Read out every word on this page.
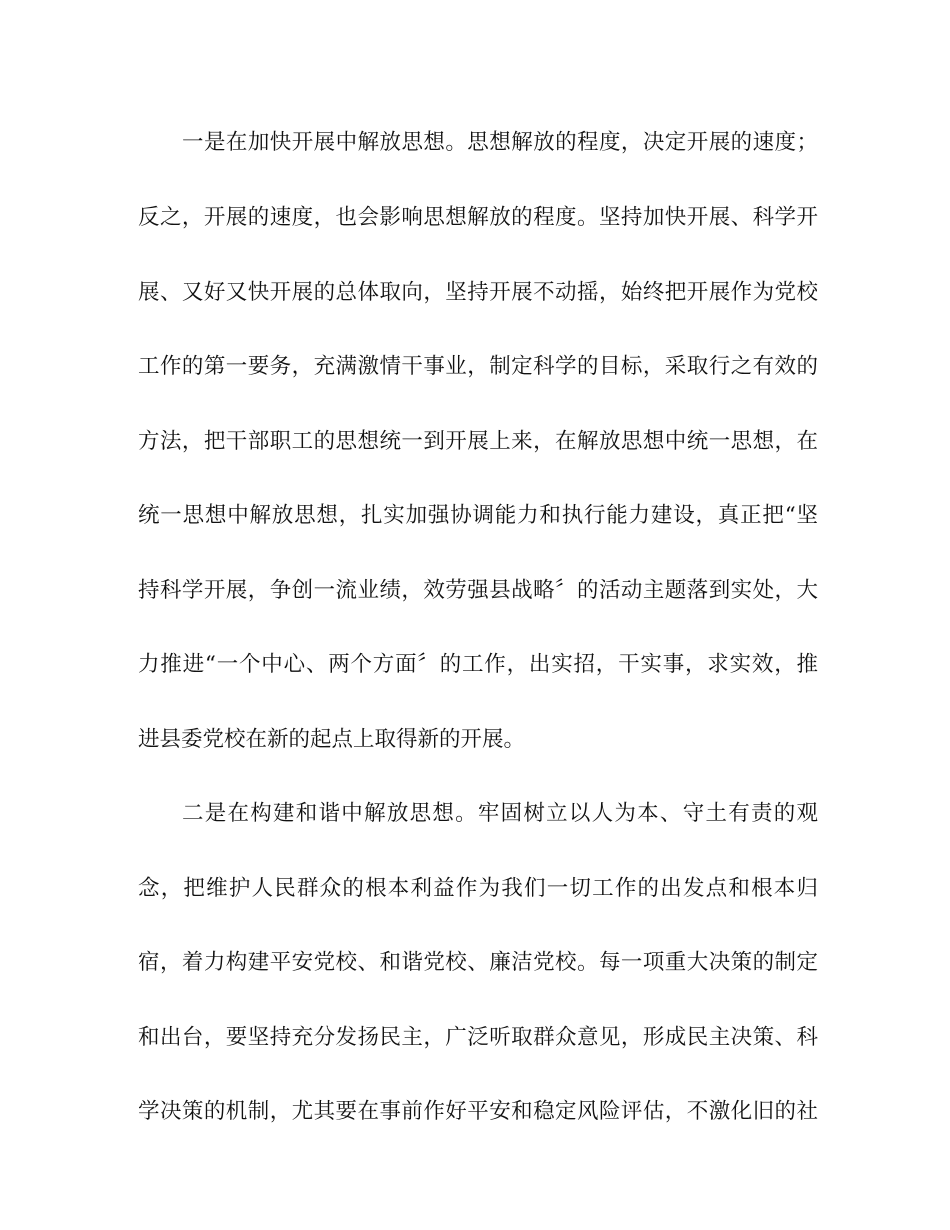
一是在加快开展中解放思想。思想解放的程度，决定开展的速度；
反之，开展的速度，也会影响思想解放的程度。坚持加快开展、科学开
展、又好又快开展的总体取向，坚持开展不动摇，始终把开展作为党校
工作的第一要务，充满激情干事业，制定科学的目标，采取行之有效的
方法，把干部职工的思想统一到开展上来，在解放思想中统一思想，在
统一思想中解放思想，扎实加强协调能力和执行能力建设，真正把“坚
持科学开展，争创一流业绩，效劳强县战略〞的活动主题落到实处，大
力推进“一个中心、两个方面〞的工作，出实招，干实事，求实效，推
进县委党校在新的起点上取得新的开展。
二是在构建和谐中解放思想。牢固树立以人为本、守土有责的观
念，把维护人民群众的根本利益作为我们一切工作的出发点和根本归
宿，着力构建平安党校、和谐党校、廉洁党校。每一项重大决策的制定
和出台，要坚持充分发扬民主，广泛听取群众意见，形成民主决策、科
学决策的机制，尤其要在事前作好平安和稳定风险评估，不激化旧的社
